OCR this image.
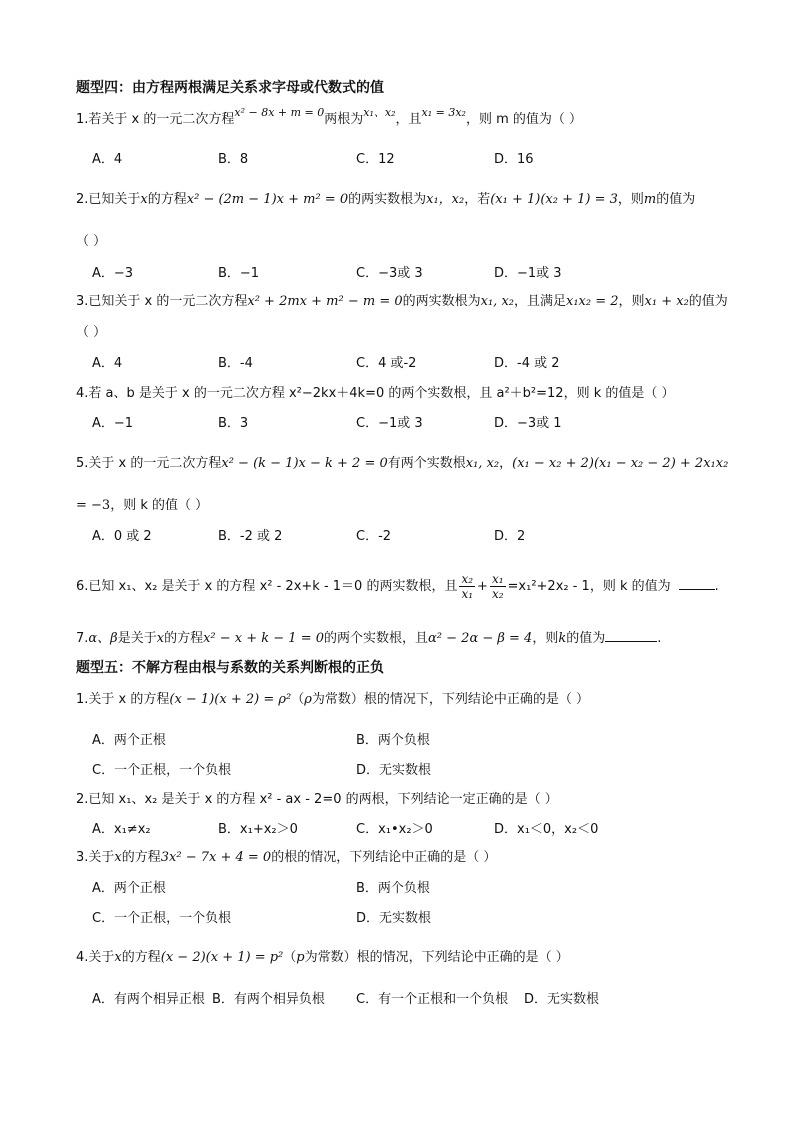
题型四：由方程两根满足关系求字母或代数式的值
1.若关于 x 的一元二次方程$^{x^2 - 8x + m = 0}$两根为$^{x_1、x_2}$，且$^{x_1 = 3x_2}$，则 m 的值为（ ）
A．4	B．8	C．12	D．16
2.已知关于x的方程x² − (2m − 1)x + m² = 0的两实数根为x₁，x₂，若(x₁ + 1)(x₂ + 1) = 3，则m的值为
（ ）
A．−3	B．−1	C．−3或 3	D．−1或 3
3.已知关于 x 的一元二次方程x² + 2mx + m² − m = 0的两实数根为x₁, x₂，且满足x₁x₂ = 2，则x₁ + x₂的值为
（ ）
A．4	B．-4	C．4 或-2	D．-4 或 2
4.若 a、b 是关于 x 的一元二次方程 x²−2kx＋4k=0 的两个实数根，且 a²＋b²=12，则 k 的值是（ ）
A．−1	B．3	C．−1或 3	D．−3或 1
5.关于 x 的一元二次方程x² − (k − 1)x − k + 2 = 0有两个实数根x₁, x₂，(x₁ − x₂ + 2)(x₁ − x₂ − 2) + 2x₁x₂
= −3，则 k 的值（ ）
A．0 或 2	B．-2 或 2	C．-2	D．2
6.已知 x₁、x₂ 是关于 x 的方程 x² - 2x+k - 1＝0 的两实数根，且 $\frac{\text{x₂}}{\text{x₁}} + \frac{\text{x₁}}{\text{x₂}} =x_1^2+2x_2 - 1$，则 k 的值为	.
7.α、β是关于x的方程x² − x + k − 1 = 0的两个实数根，且α² − 2α − β = 4，则k的值为	.
题型五：不解方程由根与系数的关系判断根的正负
1.关于 x 的方程(x − 1)(x + 2) = ρ²（ρ为常数）根的情况下，下列结论中正确的是（ ）
A．两个正根	B．两个负根
C．一个正根，一个负根	D．无实数根
2.已知 x₁、x₂ 是关于 x 的方程 x² - ax - 2=0 的两根，下列结论一定正确的是（ ）
A．x₁≠x₂	B．x₁+x₂＞0	C．x₁•x₂＞0	D．x₁＜0，x₂＜0
3.关于x的方程3x² − 7x + 4 = 0的根的情况，下列结论中正确的是（ ）
A．两个正根	B．两个负根
C．一个正根，一个负根	D．无实数根
4.关于x的方程(x − 2)(x + 1) = p²（p为常数）根的情况，下列结论中正确的是（ ）
A．有两个相异正根 B．有两个相异负根 C．有一个正根和一个负根 D．无实数根
